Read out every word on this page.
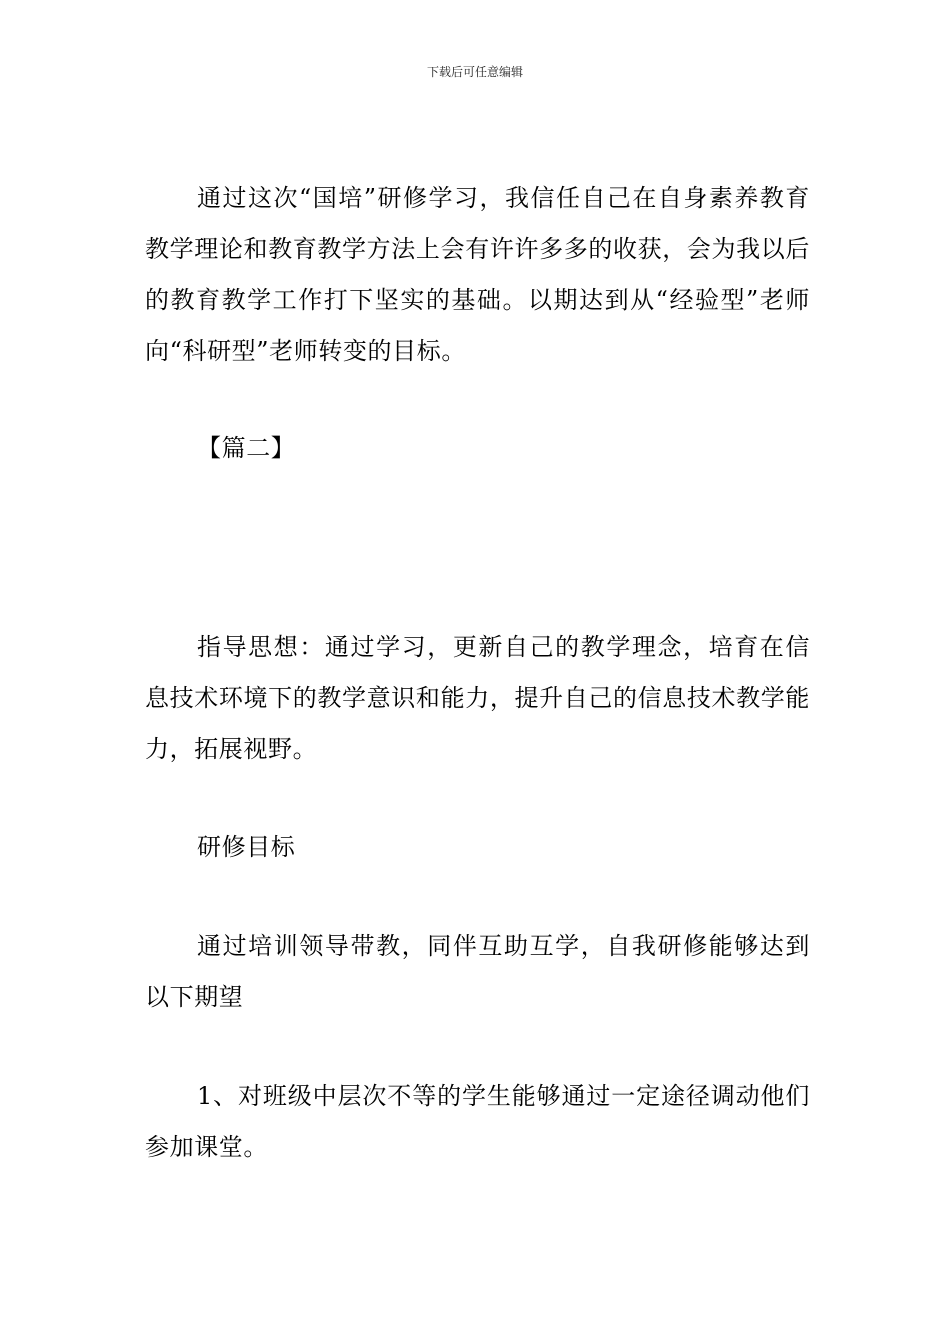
下载后可任意编辑

通过这次“国培”研修学习，我信任自己在自身素养教育教学理论和教育教学方法上会有许许多多的收获，会为我以后的教育教学工作打下坚实的基础。以期达到从“经验型”老师向“科研型”老师转变的目标。

【篇二】

指导思想：通过学习，更新自己的教学理念，培育在信息技术环境下的教学意识和能力，提升自己的信息技术教学能力，拓展视野。

研修目标

通过培训领导带教，同伴互助互学，自我研修能够达到以下期望

1、对班级中层次不等的学生能够通过一定途径调动他们参加课堂。
